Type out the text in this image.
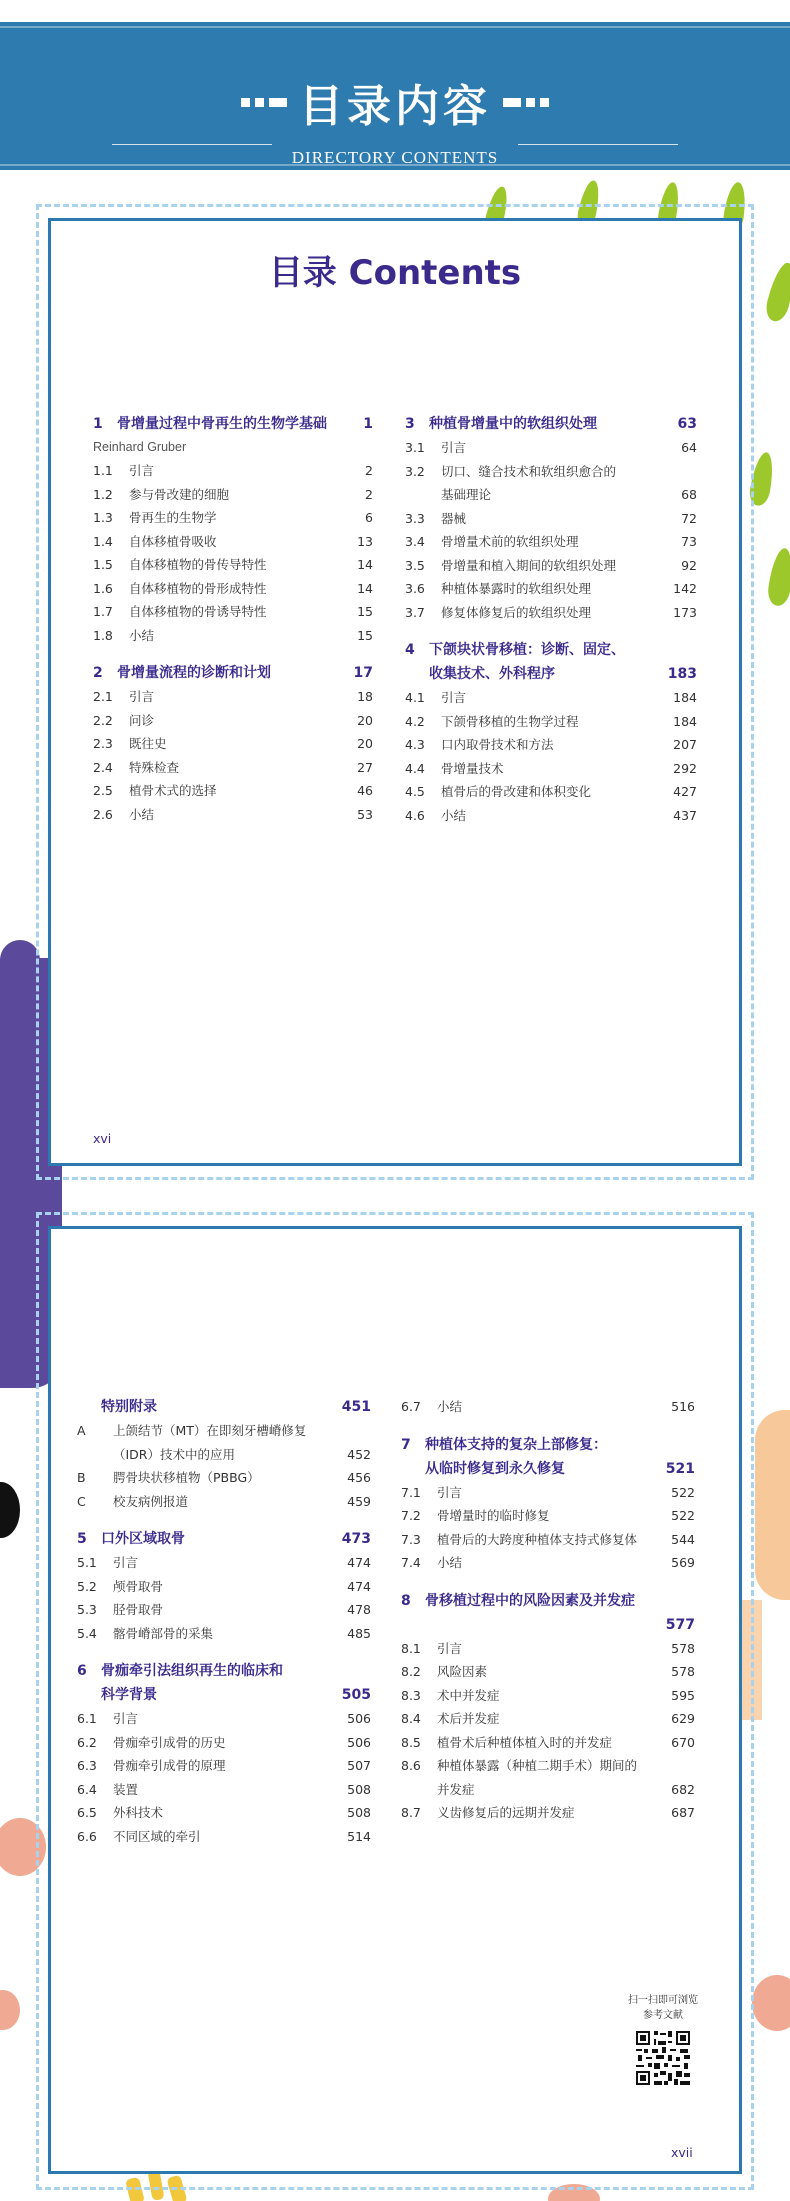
目录内容
DIRECTORY CONTENTS
目录 Contents
1	骨增量过程中骨再生的生物学基础	1
Reinhard Gruber
1.1	引言	2
1.2	参与骨改建的细胞	2
1.3	骨再生的生物学	6
1.4	自体移植骨吸收	13
1.5	自体移植物的骨传导特性	14
1.6	自体移植物的骨形成特性	14
1.7	自体移植物的骨诱导特性	15
1.8	小结	15
2	骨增量流程的诊断和计划	17
2.1	引言	18
2.2	问诊	20
2.3	既往史	20
2.4	特殊检查	27
2.5	植骨术式的选择	46
2.6	小结	53
3	种植骨增量中的软组织处理	63
3.1	引言	64
3.2	切口、缝合技术和软组织愈合的
基础理论	68
3.3	器械	72
3.4	骨增量术前的软组织处理	73
3.5	骨增量和植入期间的软组织处理	92
3.6	种植体暴露时的软组织处理	142
3.7	修复体修复后的软组织处理	173
4	下颌块状骨移植：诊断、固定、
收集技术、外科程序	183
4.1	引言	184
4.2	下颌骨移植的生物学过程	184
4.3	口内取骨技术和方法	207
4.4	骨增量技术	292
4.5	植骨后的骨改建和体积变化	427
4.6	小结	437
xvi
特别附录	451
A	上颌结节（MT）在即刻牙槽嵴修复
（IDR）技术中的应用	452
B	腭骨块状移植物（PBBG）	456
C	校友病例报道	459
5	口外区域取骨	473
5.1	引言	474
5.2	颅骨取骨	474
5.3	胫骨取骨	478
5.4	髂骨嵴部骨的采集	485
6	骨痂牵引法组织再生的临床和
科学背景	505
6.1	引言	506
6.2	骨痂牵引成骨的历史	506
6.3	骨痂牵引成骨的原理	507
6.4	装置	508
6.5	外科技术	508
6.6	不同区域的牵引	514
6.7	小结	516
7	种植体支持的复杂上部修复：
从临时修复到永久修复	521
7.1	引言	522
7.2	骨增量时的临时修复	522
7.3	植骨后的大跨度种植体支持式修复体	544
7.4	小结	569
8	骨移植过程中的风险因素及并发症
577
8.1	引言	578
8.2	风险因素	578
8.3	术中并发症	595
8.4	术后并发症	629
8.5	植骨术后种植体植入时的并发症	670
8.6	种植体暴露（种植二期手术）期间的
并发症	682
8.7	义齿修复后的远期并发症	687
扫一扫即可浏览
参考文献
xvii
